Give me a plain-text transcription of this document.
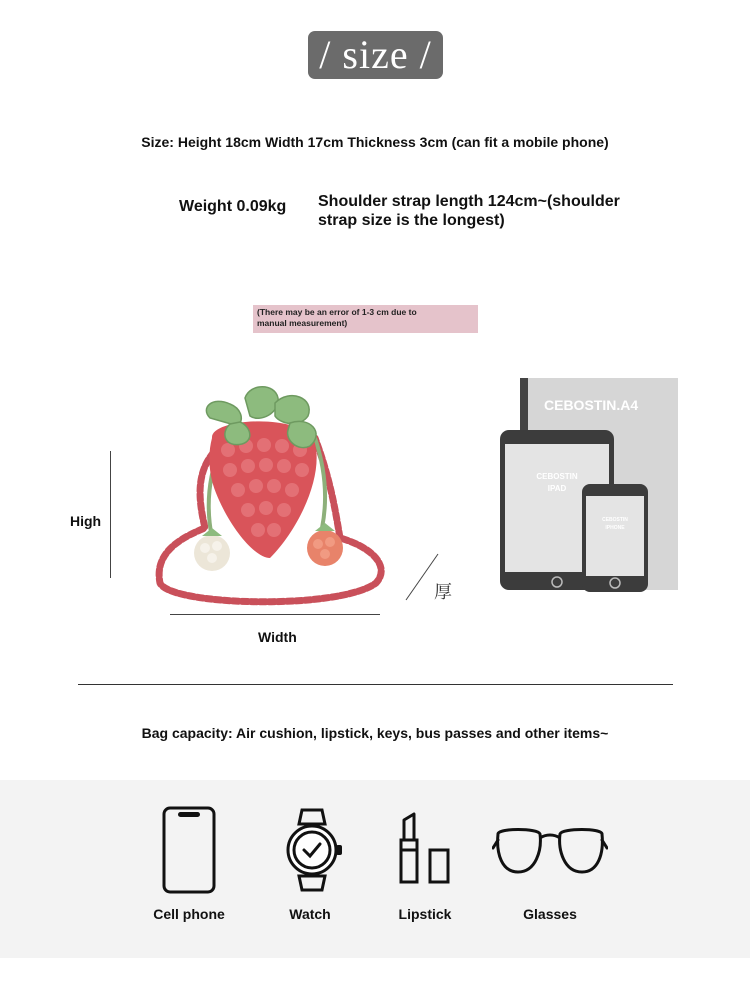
/ size /
Size: Height 18cm Width 17cm Thickness 3cm (can fit a mobile phone)
Weight 0.09kg Shoulder strap length 124cm~(shoulder
strap size is the longest)
(There may be an error of 1-3 cm due to
manual measurement)
High
Width
厚
CEBOSTIN.A4
CEBOSTIN
IPAD
CEBOSTIN
IPHONE
Bag capacity: Air cushion, lipstick, keys, bus passes and other items~
Cell phone	Watch	Lipstick	Glasses
